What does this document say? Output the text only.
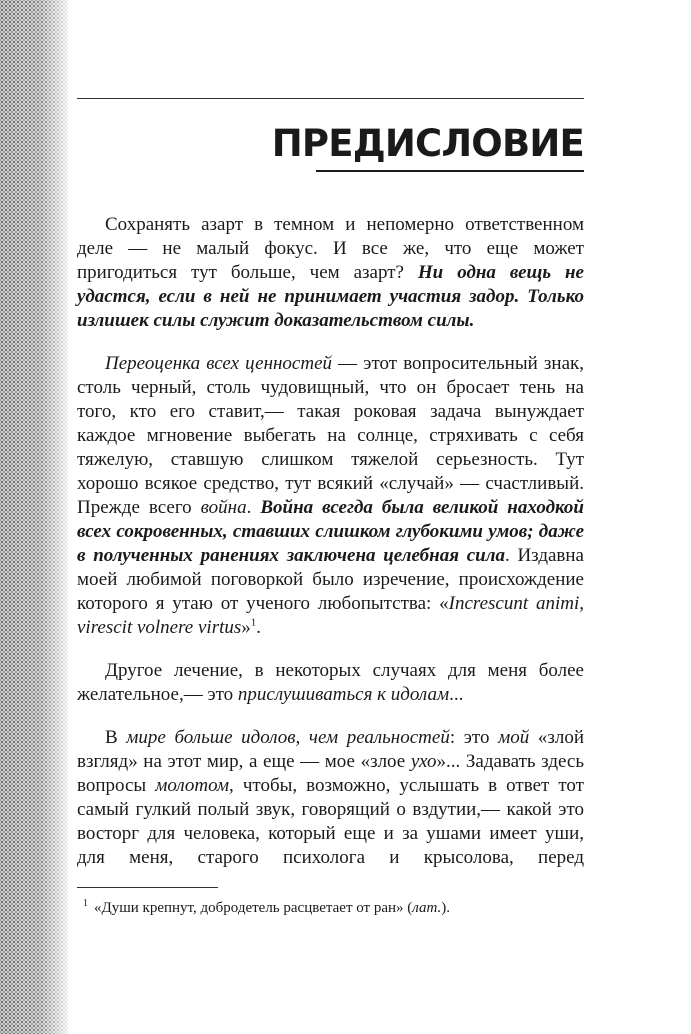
ПРЕДИСЛОВИЕ

Сохранять азарт в темном и непомерно ответственном деле — не малый фокус. И все же, что еще может пригодиться тут больше, чем азарт? Ни одна вещь не удастся, если в ней не принимает участия задор. Только излишек силы служит доказательством силы.

Переоценка всех ценностей — этот вопросительный знак, столь черный, столь чудовищный, что он бросает тень на того, кто его ставит,— такая роковая задача вынуждает каждое мгновение выбегать на солнце, стряхивать с себя тяжелую, ставшую слишком тяжелой серьезность. Тут хорошо всякое средство, тут всякий «случай» — счастливый. Прежде всего война. Война всегда была великой находкой всех сокровенных, ставших слишком глубокими умов; даже в полученных ранениях заключена целебная сила. Издавна моей любимой поговоркой было изречение, происхождение которого я утаю от ученого любопытства: «Increscunt animi, virescit volnere virtus»$^1$.

Другое лечение, в некоторых случаях для меня более желательное,— это прислушиваться к идолам...

В мире больше идолов, чем реальностей: это мой «злой взгляд» на этот мир, а еще — мое «злое ухо»... Задавать здесь вопросы молотом, чтобы, возможно, услышать в ответ тот самый гулкий полый звук, говорящий о вздутии,— какой это восторг для человека, который еще и за ушами имеет уши, для меня, старого психолога и крысолова, перед

$^1$ «Души крепнут, добродетель расцветает от ран» (лат.).
